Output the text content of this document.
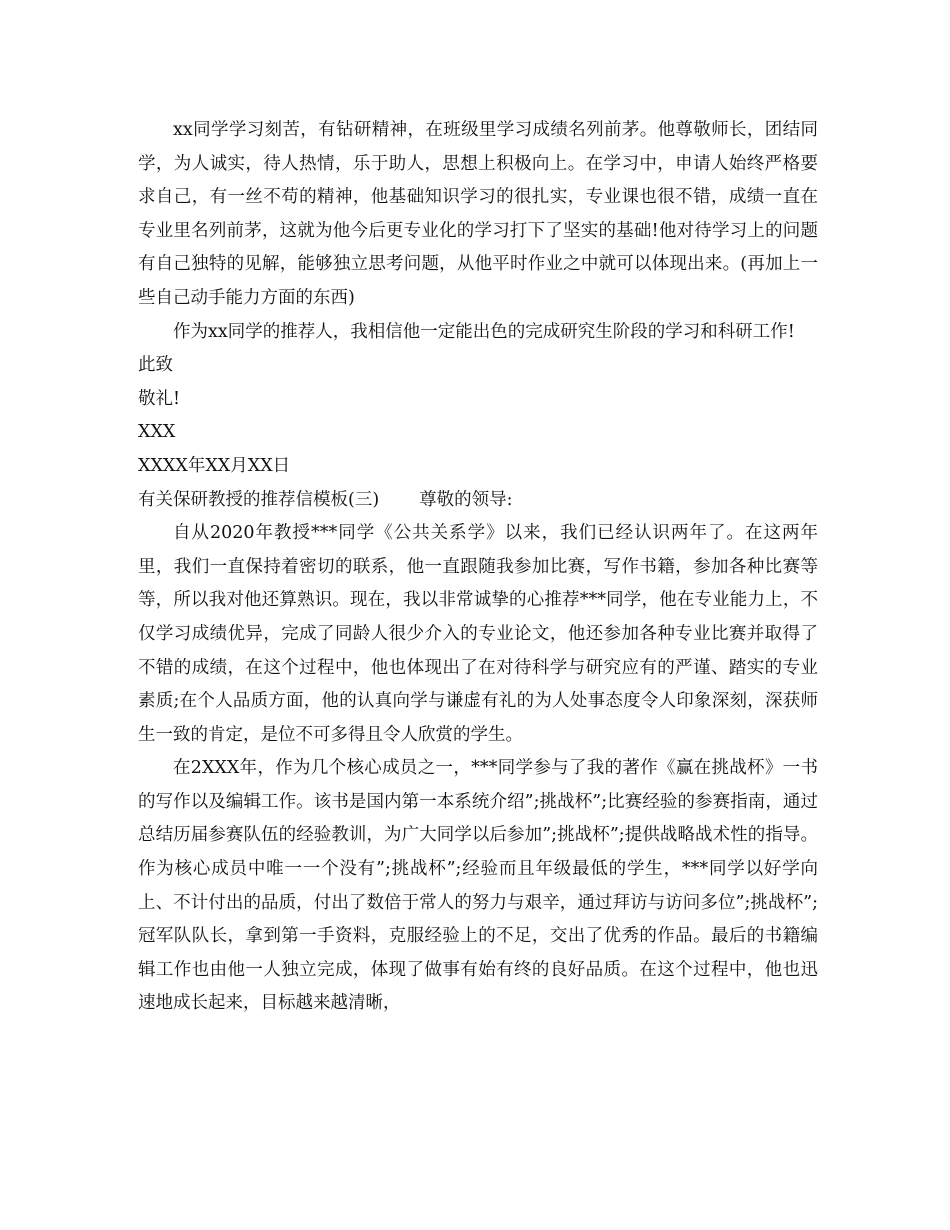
xx同学学习刻苦，有钻研精神，在班级里学习成绩名列前茅。他尊敬师长，团结同学，为人诚实，待人热情，乐于助人，思想上积极向上。在学习中，申请人始终严格要求自己，有一丝不苟的精神，他基础知识学习的很扎实，专业课也很不错，成绩一直在专业里名列前茅，这就为他今后更专业化的学习打下了坚实的基础!他对待学习上的问题有自己独特的见解，能够独立思考问题，从他平时作业之中就可以体现出来。(再加上一些自己动手能力方面的东西)

作为xx同学的推荐人，我相信他一定能出色的完成研究生阶段的学习和科研工作!

此致

敬礼!

XXX

XXXX年XX月XX日

有关保研教授的推荐信模板(三) 尊敬的领导:

自从2020年教授***同学《公共关系学》以来，我们已经认识两年了。在这两年里，我们一直保持着密切的联系，他一直跟随我参加比赛，写作书籍，参加各种比赛等等，所以我对他还算熟识。现在，我以非常诚挚的心推荐***同学，他在专业能力上，不仅学习成绩优异，完成了同龄人很少介入的专业论文，他还参加各种专业比赛并取得了不错的成绩，在这个过程中，他也体现出了在对待科学与研究应有的严谨、踏实的专业素质;在个人品质方面，他的认真向学与谦虚有礼的为人处事态度令人印象深刻，深获师生一致的肯定，是位不可多得且令人欣赏的学生。

在2XXX年，作为几个核心成员之一，***同学参与了我的著作《赢在挑战杯》一书的写作以及编辑工作。该书是国内第一本系统介绍”;挑战杯”;比赛经验的参赛指南，通过总结历届参赛队伍的经验教训，为广大同学以后参加”;挑战杯”;提供战略战术性的指导。作为核心成员中唯一一个没有”;挑战杯”;经验而且年级最低的学生，***同学以好学向上、不计付出的品质，付出了数倍于常人的努力与艰辛，通过拜访与访问多位”;挑战杯”;冠军队队长，拿到第一手资料，克服经验上的不足，交出了优秀的作品。最后的书籍编辑工作也由他一人独立完成，体现了做事有始有终的良好品质。在这个过程中，他也迅速地成长起来，目标越来越清晰，
